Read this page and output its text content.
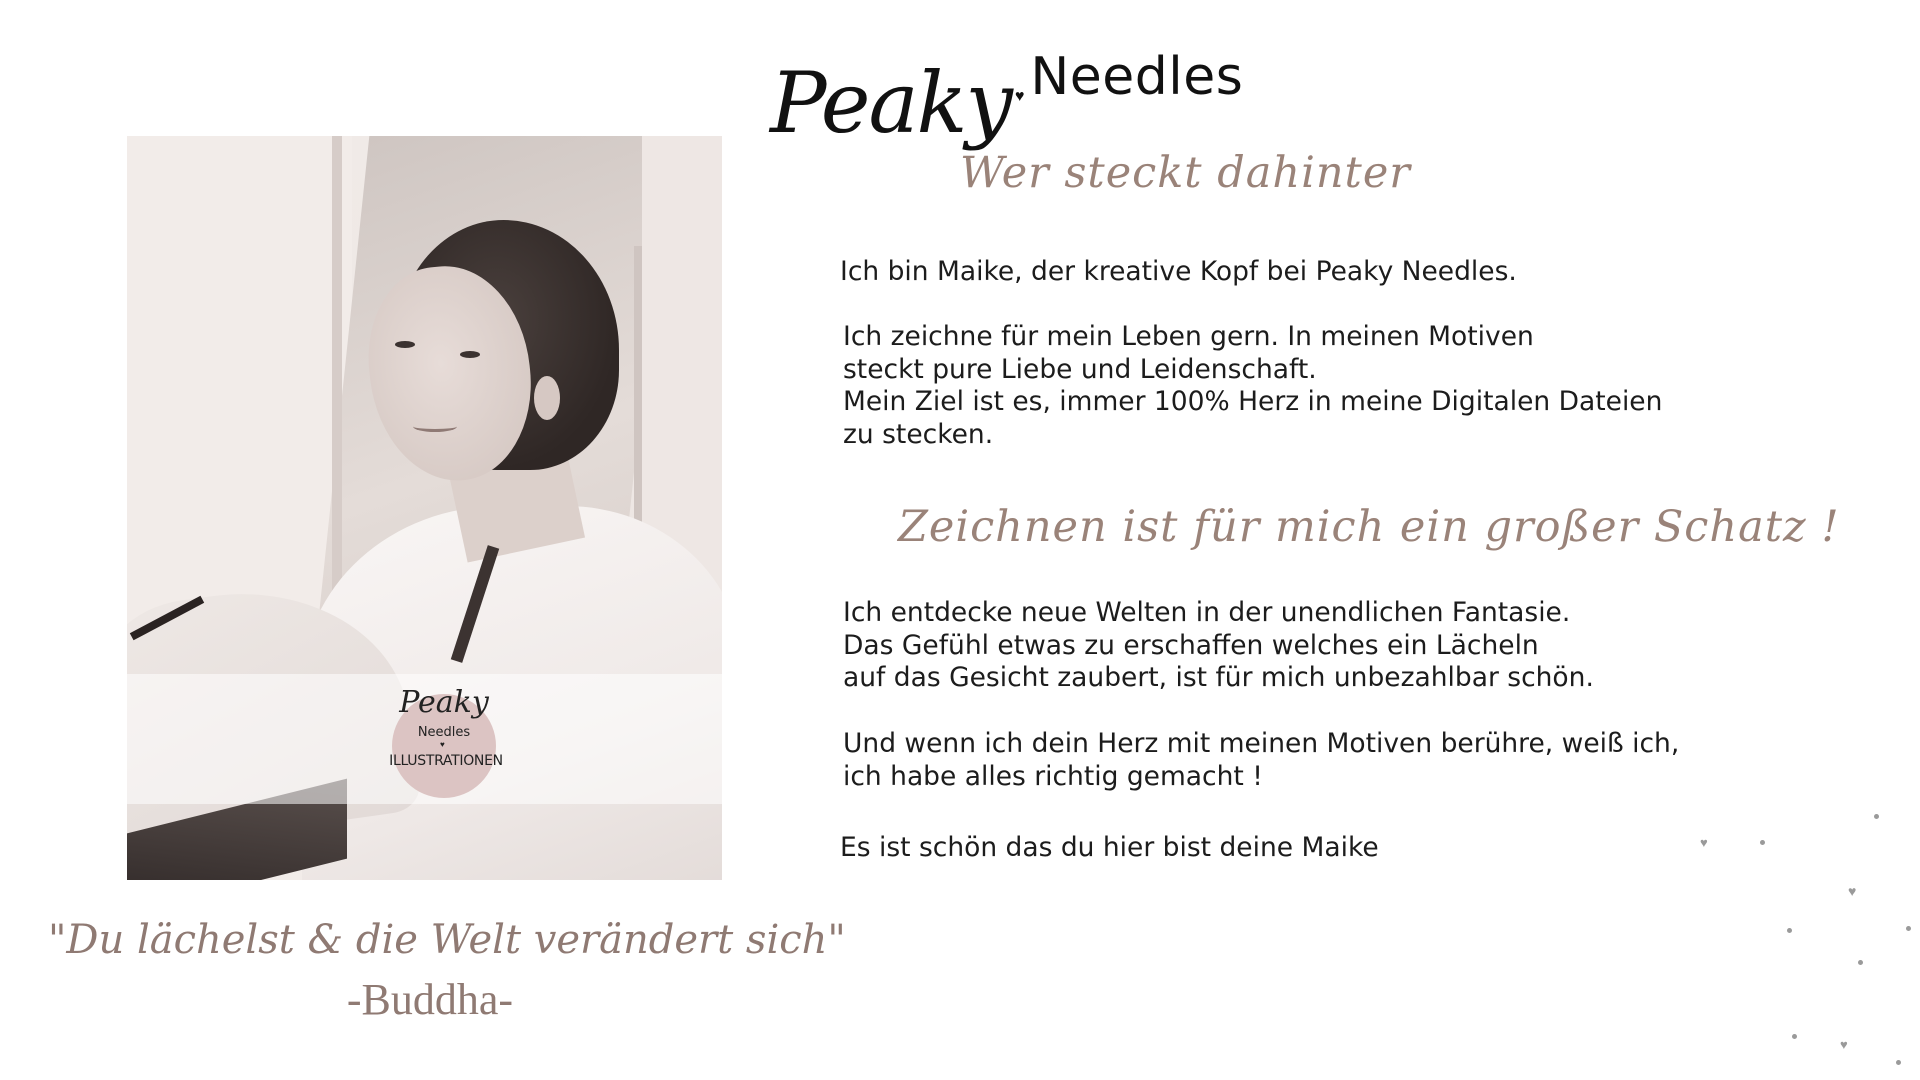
Peaky ♥ Needles
Wer steckt dahinter
Ich bin Maike, der kreative Kopf bei Peaky Needles.
Ich zeichne für mein Leben gern. In meinen Motiven
steckt pure Liebe und Leidenschaft.
Mein Ziel ist es, immer 100% Herz in meine Digitalen Dateien
zu stecken.
Zeichnen ist für mich ein großer Schatz !
Ich entdecke neue Welten in der unendlichen Fantasie.
Das Gefühl etwas zu erschaffen welches ein Lächeln
auf das Gesicht zaubert, ist für mich unbezahlbar schön.
Und wenn ich dein Herz mit meinen Motiven berühre, weiß ich,
ich habe alles richtig gemacht !
Es ist schön das du hier bist deine Maike
Peaky
Needles
♥
ILLUSTRATIONEN
"Du lächelst & die Welt verändert sich"
-Buddha-
♥
♥
♥
